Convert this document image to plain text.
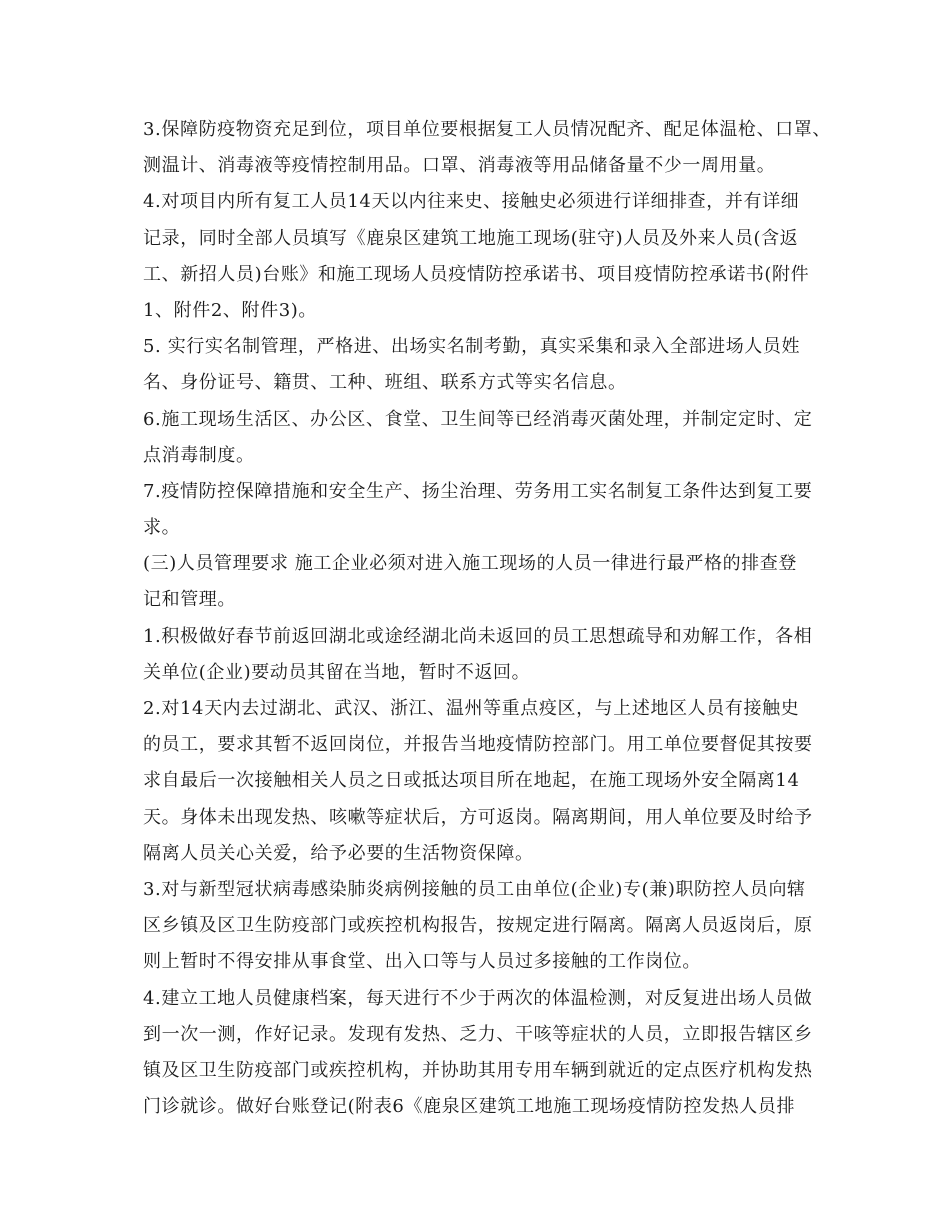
3.保障防疫物资充足到位，项目单位要根据复工人员情况配齐、配足体温枪、口罩、
测温计、消毒液等疫情控制用品。口罩、消毒液等用品储备量不少一周用量。
4.对项目内所有复工人员14天以内往来史、接触史必须进行详细排查，并有详细
记录，同时全部人员填写《鹿泉区建筑工地施工现场(驻守)人员及外来人员(含返
工、新招人员)台账》和施工现场人员疫情防控承诺书、项目疫情防控承诺书(附件
1、附件2、附件3)。
5. 实行实名制管理，严格进、出场实名制考勤，真实采集和录入全部进场人员姓
名、身份证号、籍贯、工种、班组、联系方式等实名信息。
6.施工现场生活区、办公区、食堂、卫生间等已经消毒灭菌处理，并制定定时、定
点消毒制度。
7.疫情防控保障措施和安全生产、扬尘治理、劳务用工实名制复工条件达到复工要
求。
(三)人员管理要求 施工企业必须对进入施工现场的人员一律进行最严格的排查登
记和管理。
1.积极做好春节前返回湖北或途经湖北尚未返回的员工思想疏导和劝解工作，各相
关单位(企业)要动员其留在当地，暂时不返回。
2.对14天内去过湖北、武汉、浙江、温州等重点疫区，与上述地区人员有接触史
的员工，要求其暂不返回岗位，并报告当地疫情防控部门。用工单位要督促其按要
求自最后一次接触相关人员之日或抵达项目所在地起，在施工现场外安全隔离14
天。身体未出现发热、咳嗽等症状后，方可返岗。隔离期间，用人单位要及时给予
隔离人员关心关爱，给予必要的生活物资保障。
3.对与新型冠状病毒感染肺炎病例接触的员工由单位(企业)专(兼)职防控人员向辖
区乡镇及区卫生防疫部门或疾控机构报告，按规定进行隔离。隔离人员返岗后，原
则上暂时不得安排从事食堂、出入口等与人员过多接触的工作岗位。
4.建立工地人员健康档案，每天进行不少于两次的体温检测，对反复进出场人员做
到一次一测，作好记录。发现有发热、乏力、干咳等症状的人员，立即报告辖区乡
镇及区卫生防疫部门或疾控机构，并协助其用专用车辆到就近的定点医疗机构发热
门诊就诊。做好台账登记(附表6《鹿泉区建筑工地施工现场疫情防控发热人员排
